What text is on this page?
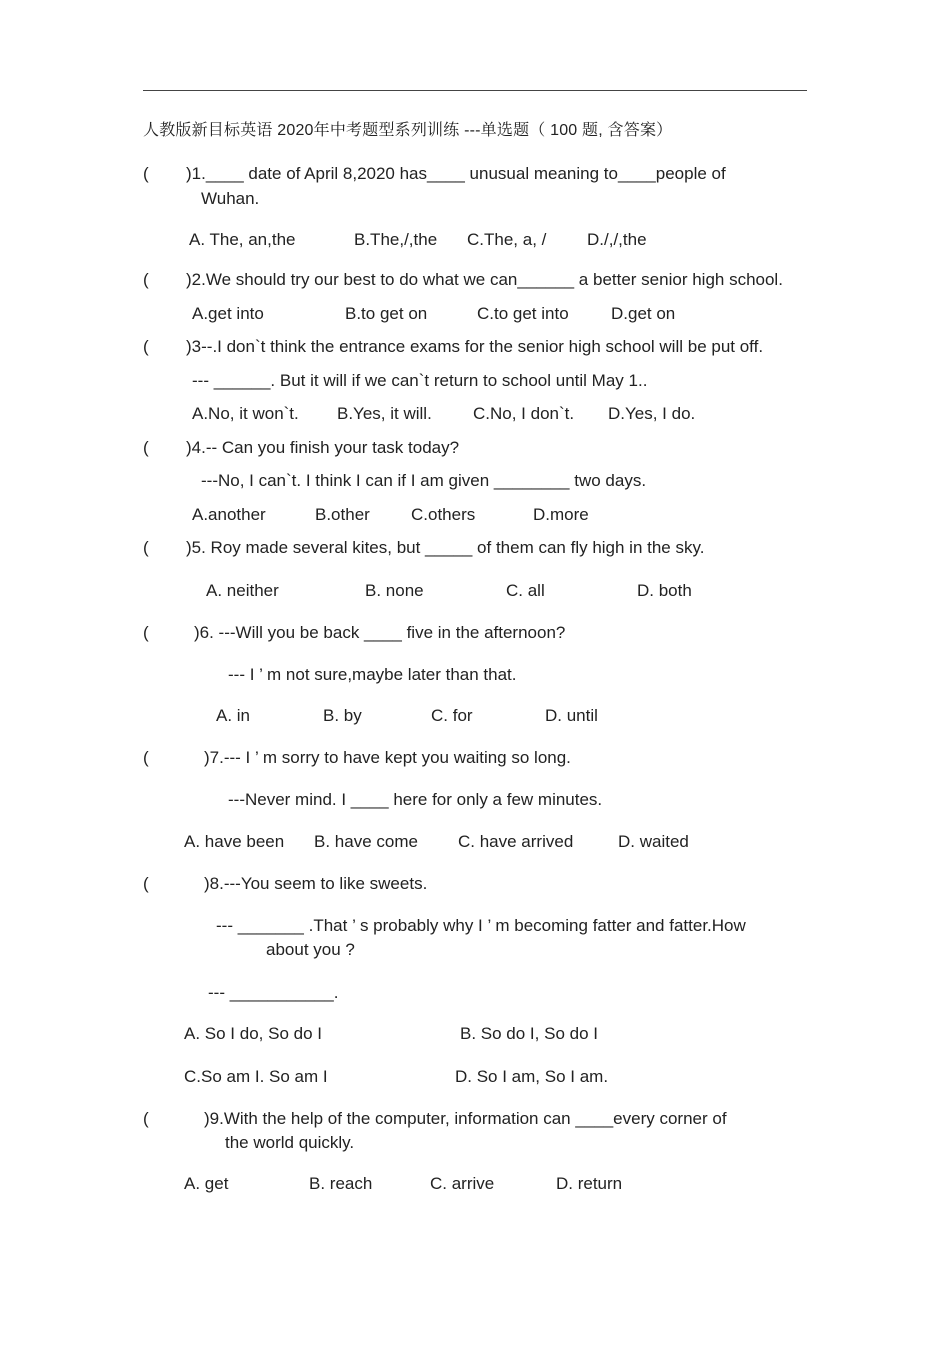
人教版新目标英语 2020年中考题型系列训练 ---单选题（ 100 题, 含答案）
( )1.____ date of April 8,2020 has____ unusual meaning to____people of
Wuhan.
A. The, an,the	B.The,/,the C.The, a, / D./,/,the
( )2.We should try our best to do what we can______ a better senior high school.
A.get into	B.to get on	C.to get into D.get on
( )3--.I don`t think the entrance exams for the senior high school will be put off.
--- ______. But it will if we can`t return to school until May 1..
A.No, it won`t. B.Yes, it will. C.No, I don`t. D.Yes, I do.
( )4.-- Can you finish your task today?
---No, I can`t. I think I can if I am given ________ two days.
A.another	B.other C.others	D.more
( )5. Roy made several kites, but _____ of them can fly high in the sky.
A. neither	B. none	C. all	D. both
(	)6. ---Will you be back ____ five in the afternoon?
--- I ’ m not sure,maybe later than that.
A. in	B. by	C. for	D. until
(	)7.--- I ’ m sorry to have kept you waiting so long.
---Never mind. I ____ here for only a few minutes.
A. have been B. have come C. have arrived	D. waited
(	)8.---You seem to like sweets.
--- _______ .That ’ s probably why I ’ m becoming fatter and fatter.How
about you ?
--- ___________.
A. So I do, So do I	B. So do I, So do I
C.So am I. So am I	D. So I am, So I am.
(	)9.With the help of the computer, information can ____every corner of
the world quickly.
A. get	B. reach	C. arrive	D. return
